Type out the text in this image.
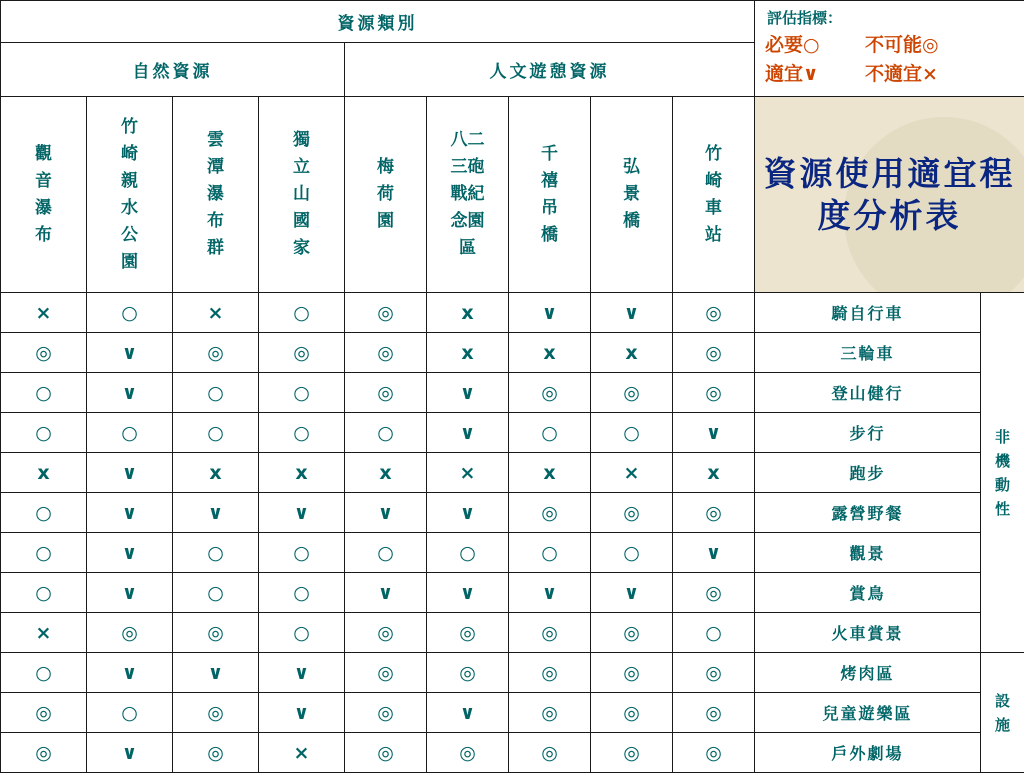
資源類別									評估指標：
必要○ 不可能◎
適宜∨ 不適宜×	

自然資源				人文遊憩資源						

觀音瀑布	竹崎親水公園	雲潭瀑布群	獨立山國家	梅荷園	八二三砲戰紀念園區	千禧吊橋	弘景橋	竹崎車站	資源使用適宜程度分析表	

×	○	×	○	◎	x	∨	∨	◎	騎自行車	非機動性

◎	∨	◎	◎	◎	x	x	x	◎	三輪車	
○	∨	○	○	◎	∨	◎	◎	◎	登山健行	
○	○	○	○	○	∨	○	○	∨	步行	
x	∨	x	x	x	×	x	×	x	跑步	
○	∨	∨	∨	∨	∨	◎	◎	◎	露營野餐	
○	∨	○	○	○	○	○	○	∨	觀景	
○	∨	○	○	∨	∨	∨	∨	◎	賞鳥	
×	◎	◎	○	◎	◎	◎	◎	○	火車賞景	
○	∨	∨	∨	◎	◎	◎	◎	◎	烤肉區	設施

◎	○	◎	∨	◎	∨	◎	◎	◎	兒童遊樂區	
◎	∨	◎	×	◎	◎	◎	◎	◎	戶外劇場	
